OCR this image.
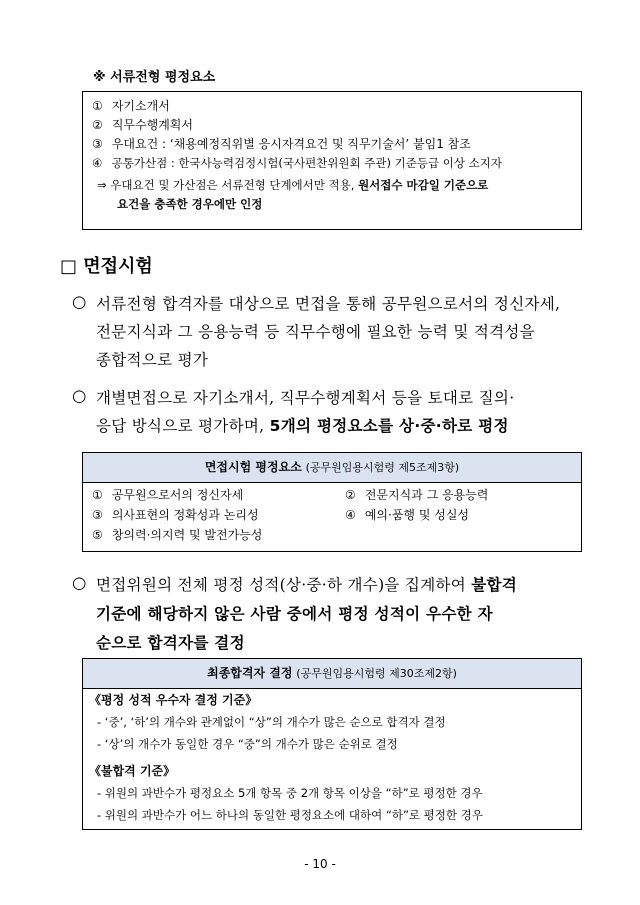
※ 서류전형 평정요소
① 자기소개서
② 직무수행계획서
③ 우대요건 : ‘채용예정직위별 응시자격요건 및 직무기술서’ 붙임1 참조
④ 공통가산점 : 한국사능력검정시험(국사편찬위원회 주관) 기준등급 이상 소지자
⇒ 우대요건 및 가산점은 서류전형 단계에서만 적용, 원서접수 마감일 기준으로
요건을 충족한 경우에만 인정
□ 면접시험
○ 서류전형 합격자를 대상으로 면접을 통해 공무원으로서의 정신자세,
전문지식과 그 응용능력 등 직무수행에 필요한 능력 및 적격성을
종합적으로 평가
○ 개별면접으로 자기소개서, 직무수행계획서 등을 토대로 질의·
응답 방식으로 평가하며, 5개의 평정요소를 상·중·하로 평정
면접시험 평정요소 (공무원임용시험령 제5조제3항)
① 공무원으로서의 정신자세	② 전문지식과 그 응용능력
③ 의사표현의 정확성과 논리성	④ 예의·품행 및 성실성
⑤ 창의력·의지력 및 발전가능성
○ 면접위원의 전체 평정 성적(상·중·하 개수)을 집계하여 불합격
기준에 해당하지 않은 사람 중에서 평정 성적이 우수한 자
순으로 합격자를 결정
최종합격자 결정 (공무원임용시험령 제30조제2항)
《평정 성적 우수자 결정 기준》
- ‘중’, ‘하’의 개수와 관계없이 “상”의 개수가 많은 순으로 합격자 결정
- ‘상’의 개수가 동일한 경우 “중”의 개수가 많은 순위로 결정
《불합격 기준》
- 위원의 과반수가 평정요소 5개 항목 중 2개 항목 이상을 “하”로 평정한 경우
- 위원의 과반수가 어느 하나의 동일한 평정요소에 대하여 “하”로 평정한 경우
- 10 -
